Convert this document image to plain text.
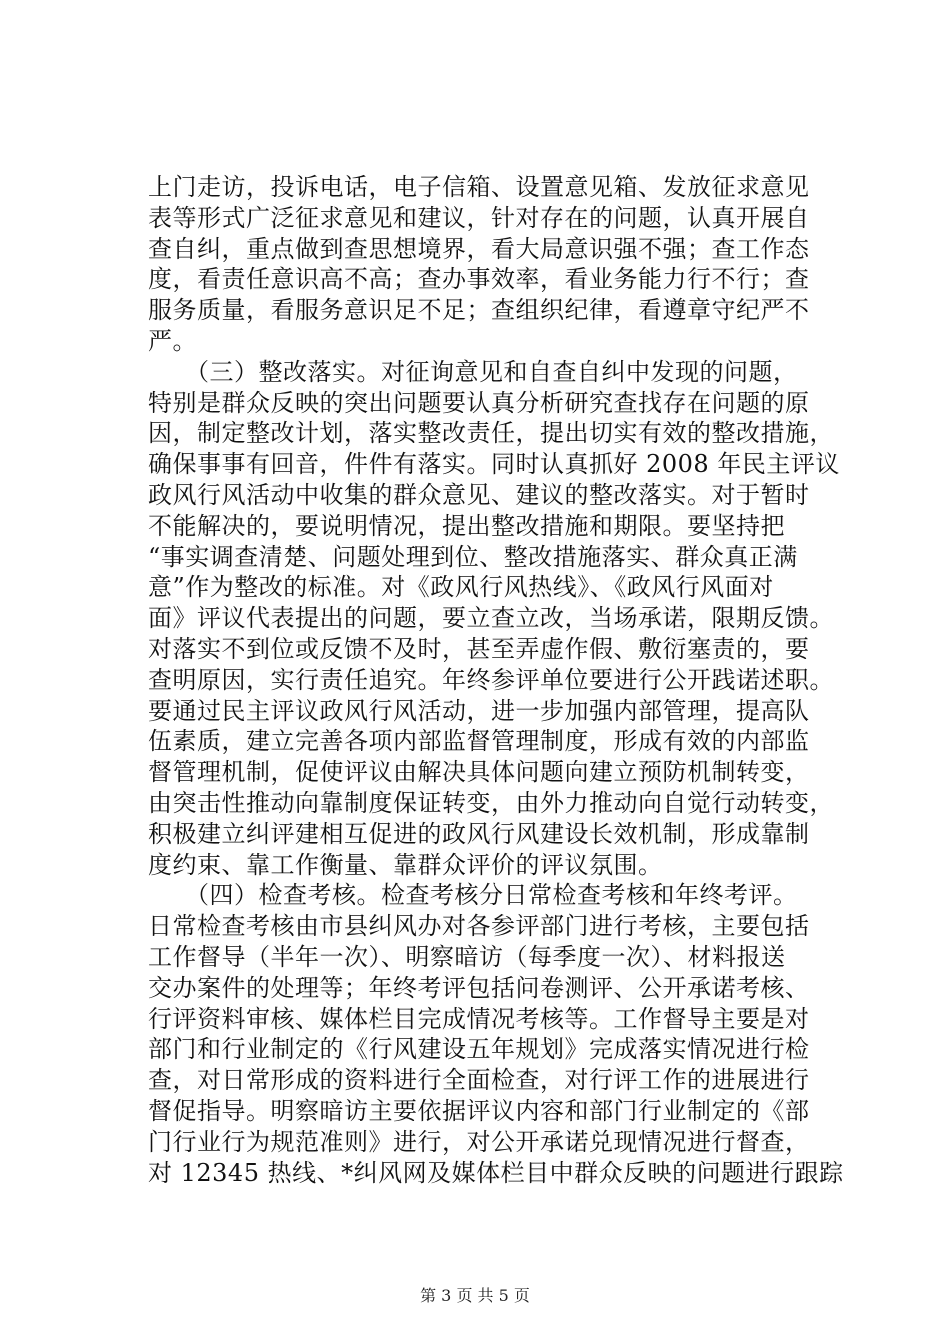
上门走访，投诉电话，电子信箱、设置意见箱、发放征求意见
表等形式广泛征求意见和建议，针对存在的问题，认真开展自
查自纠，重点做到查思想境界，看大局意识强不强；查工作态
度，看责任意识高不高；查办事效率，看业务能力行不行；查
服务质量，看服务意识足不足；查组织纪律，看遵章守纪严不
严。
　　（三）整改落实。对征询意见和自查自纠中发现的问题，
特别是群众反映的突出问题要认真分析研究查找存在问题的原
因，制定整改计划，落实整改责任，提出切实有效的整改措施，
确保事事有回音，件件有落实。同时认真抓好 2008 年民主评议
政风行风活动中收集的群众意见、建议的整改落实。对于暂时
不能解决的，要说明情况，提出整改措施和期限。要坚持把
“事实调查清楚、问题处理到位、整改措施落实、群众真正满
意”作为整改的标准。对《政风行风热线》、《政风行风面对
面》评议代表提出的问题，要立查立改，当场承诺，限期反馈。
对落实不到位或反馈不及时，甚至弄虚作假、敷衍塞责的，要
查明原因，实行责任追究。年终参评单位要进行公开践诺述职。
要通过民主评议政风行风活动，进一步加强内部管理，提高队
伍素质，建立完善各项内部监督管理制度，形成有效的内部监
督管理机制，促使评议由解决具体问题向建立预防机制转变，
由突击性推动向靠制度保证转变，由外力推动向自觉行动转变，
积极建立纠评建相互促进的政风行风建设长效机制，形成靠制
度约束、靠工作衡量、靠群众评价的评议氛围。
　　（四）检查考核。检查考核分日常检查考核和年终考评。
日常检查考核由市县纠风办对各参评部门进行考核，主要包括
工作督导（半年一次）、明察暗访（每季度一次）、材料报送
交办案件的处理等；年终考评包括问卷测评、公开承诺考核、
行评资料审核、媒体栏目完成情况考核等。工作督导主要是对
部门和行业制定的《行风建设五年规划》完成落实情况进行检
查，对日常形成的资料进行全面检查，对行评工作的进展进行
督促指导。明察暗访主要依据评议内容和部门行业制定的《部
门行业行为规范准则》进行，对公开承诺兑现情况进行督查，
对 12345 热线、*纠风网及媒体栏目中群众反映的问题进行跟踪
第 3 页 共 5 页
